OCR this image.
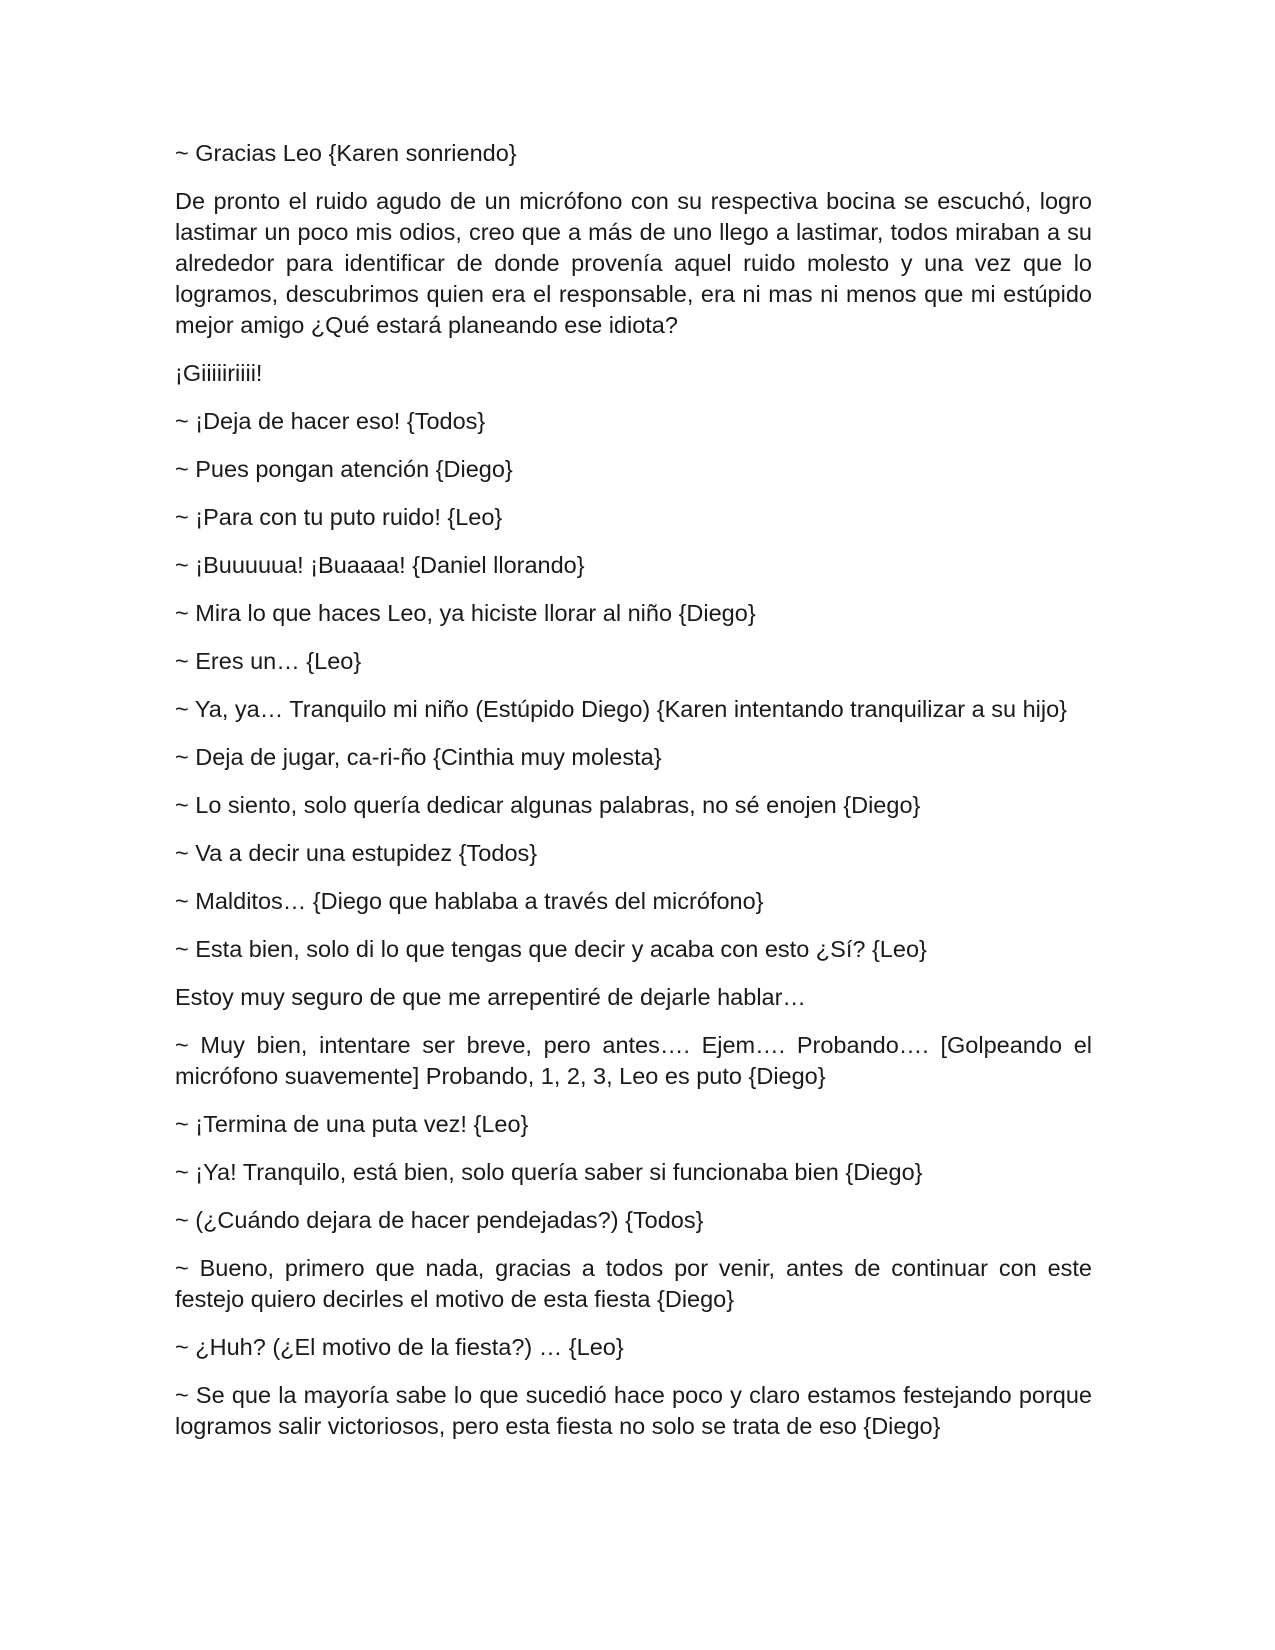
~ Gracias Leo {Karen sonriendo}

De pronto el ruido agudo de un micrófono con su respectiva bocina se escuchó, logro lastimar un poco mis odios, creo que a más de uno llego a lastimar, todos miraban a su alrededor para identificar de donde provenía aquel ruido molesto y una vez que lo logramos, descubrimos quien era el responsable, era ni mas ni menos que mi estúpido mejor amigo ¿Qué estará planeando ese idiota?

¡Giiiiiriiii!

~ ¡Deja de hacer eso! {Todos}

~ Pues pongan atención {Diego}

~ ¡Para con tu puto ruido! {Leo}

~ ¡Buuuuua! ¡Buaaaa! {Daniel llorando}

~ Mira lo que haces Leo, ya hiciste llorar al niño {Diego}

~ Eres un… {Leo}

~ Ya, ya… Tranquilo mi niño (Estúpido Diego) {Karen intentando tranquilizar a su hijo}

~ Deja de jugar, ca-ri-ño {Cinthia muy molesta}

~ Lo siento, solo quería dedicar algunas palabras, no sé enojen {Diego}

~ Va a decir una estupidez {Todos}

~ Malditos… {Diego que hablaba a través del micrófono}

~ Esta bien, solo di lo que tengas que decir y acaba con esto ¿Sí? {Leo}

Estoy muy seguro de que me arrepentiré de dejarle hablar…

~ Muy bien, intentare ser breve, pero antes…. Ejem…. Probando…. [Golpeando el micrófono suavemente] Probando, 1, 2, 3, Leo es puto {Diego}

~ ¡Termina de una puta vez! {Leo}

~ ¡Ya! Tranquilo, está bien, solo quería saber si funcionaba bien {Diego}

~ (¿Cuándo dejara de hacer pendejadas?) {Todos}

~ Bueno, primero que nada, gracias a todos por venir, antes de continuar con este festejo quiero decirles el motivo de esta fiesta {Diego}

~ ¿Huh? (¿El motivo de la fiesta?) … {Leo}

~ Se que la mayoría sabe lo que sucedió hace poco y claro estamos festejando porque logramos salir victoriosos, pero esta fiesta no solo se trata de eso {Diego}
